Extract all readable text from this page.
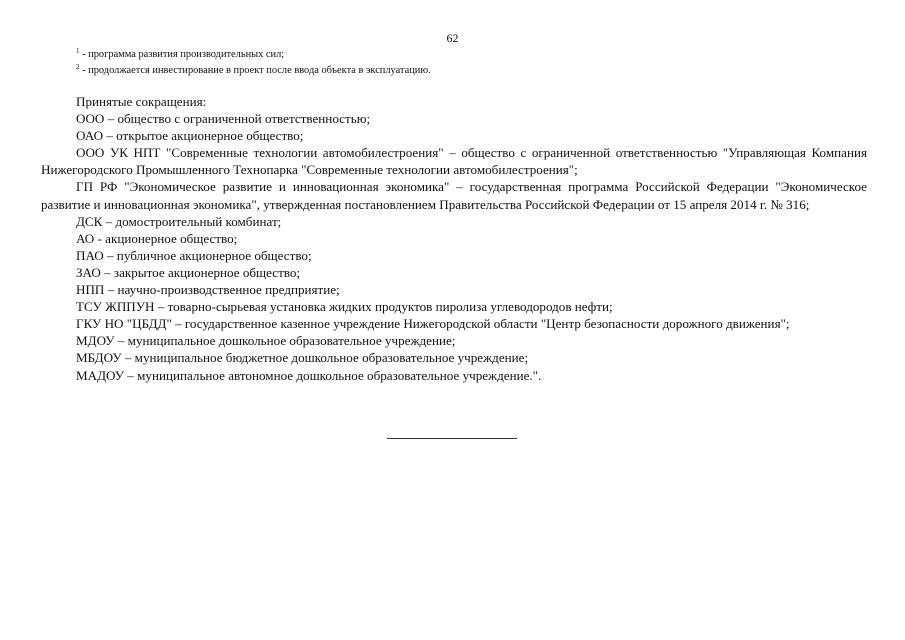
62
$^1$ - программа развития производительных сил;
$^2$ - продолжается инвестирование в проект после ввода объекта в эксплуатацию.

Принятые сокращения:

ООО – общество с ограниченной ответственностью;

ОАО – открытое акционерное общество;

ООО УК НПТ "Современные технологии автомобилестроения" – общество с ограниченной ответственностью "Управляющая Компания Нижегородского Промышленного Технопарка "Современные технологии автомобилестроения";

ГП РФ "Экономическое развитие и инновационная экономика" – государственная программа Российской Федерации "Экономическое развитие и инновационная экономика", утвержденная постановлением Правительства Российской Федерации от 15 апреля 2014 г. № 316;

ДСК – домостроительный комбинат;

АО - акционерное общество;

ПАО – публичное акционерное общество;

ЗАО – закрытое акционерное общество;

НПП – научно-производственное предприятие;

ТСУ ЖППУН – товарно-сырьевая установка жидких продуктов пиролиза углеводородов нефти;

ГКУ НО "ЦБДД" – государственное казенное учреждение Нижегородской области "Центр безопасности дорожного движения";

МДОУ – муниципальное дошкольное образовательное учреждение;

МБДОУ – муниципальное бюджетное дошкольное образовательное учреждение;

МАДОУ – муниципальное автономное дошкольное образовательное учреждение.".
